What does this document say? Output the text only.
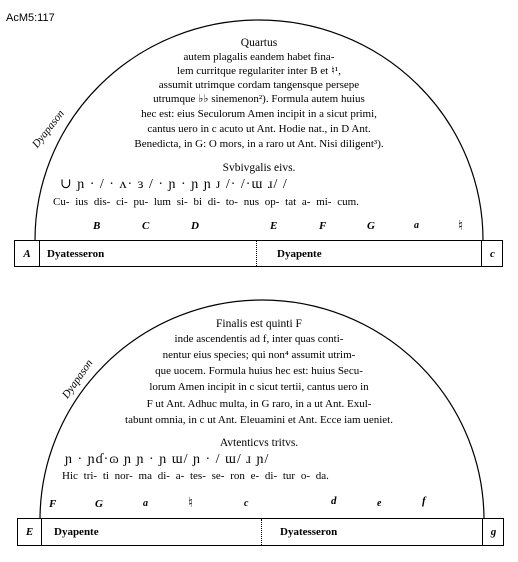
AcM5:117
Dyapason
Quartus
autem plagalis eandem habet fina-
lem curritque regulariter inter B et ♮¹,
assumit utrimque cordam tangensque persepe
utrumque ♭♭ sinemenon²). Formula autem huius
hec est: eius Seculorum Amen incipit in a sicut primi,
cantus uero in c acuto ut Ant. Hodie nat., in D Ant.
Benedicta, in G: O mors, in a raro ut Ant. Nisi diligent³).
Svbivgalis eivs.
∪ ɲ · / · ʌ· ɜ / · ɲ · ɲ ɲ ᴊ /· /·ɯ ɹ/ /
Cu- ius dis- ci- pu- lum si- bi di- to- nus op- tat a- mi- cum.
B	C	D	E	F	G	a	♮
A	Dyatesseron	Dyapente	c
Dyapason
Finalis est quinti F
inde ascendentis ad f, inter quas conti-
nentur eius species; qui non⁴ assumit utrim-
que uocem. Formula huius hec est: huius Secu-
lorum Amen incipit in c sicut tertii, cantus uero in
F ut Ant. Adhuc multa, in G raro, in a ut Ant. Exul-
tabunt omnia, in c ut Ant. Eleuamini et Ant. Ecce iam ueniet.
Avtenticvs tritvs.
ɲ · ɲɗ·ɷ ɲ ɲ · ɲ ɯ/ ɲ · / ɯ/ ɹ ɲ/
Hic tri- ti nor- ma di- a- tes- se- ron e- di- tur o- da.
F	G	a	♮	c	d	e	f
E	Dyapente	Dyatesseron	g
